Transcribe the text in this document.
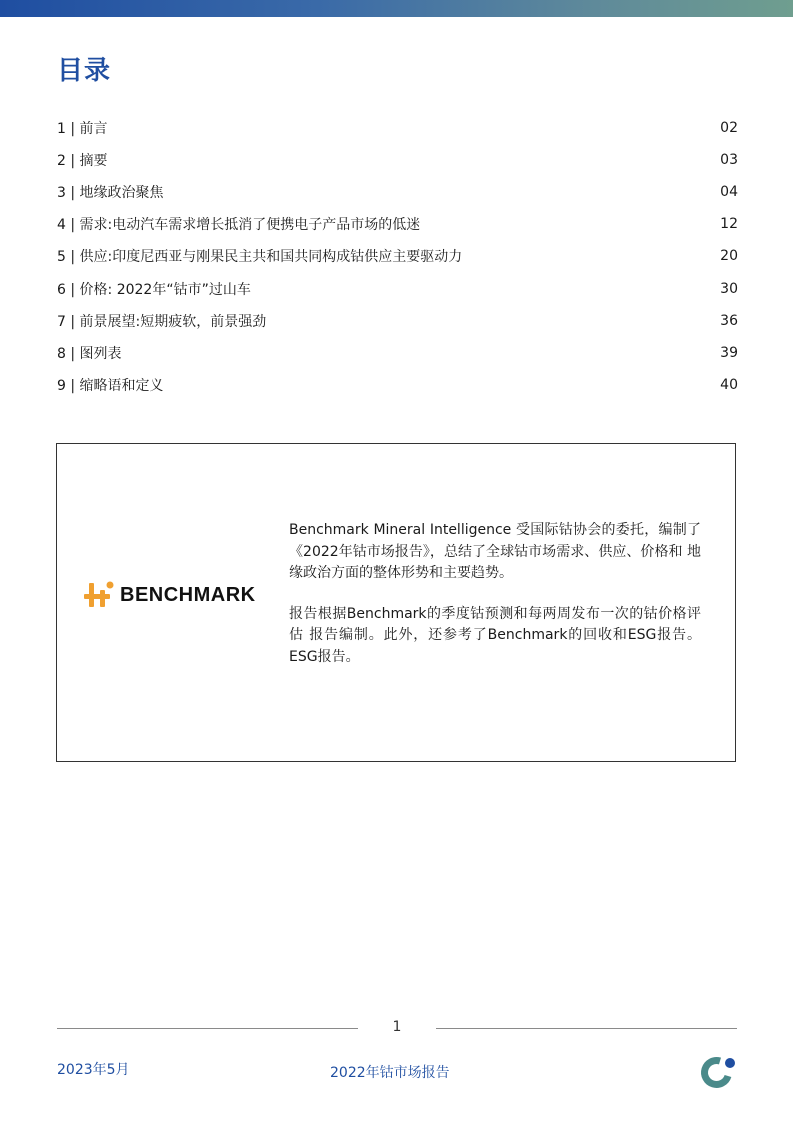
目录
1 | 前言	02
2 | 摘要	03
3 | 地缘政治聚焦	04
4 | 需求:电动汽车需求增长抵消了便携电子产品市场的低迷	12
5 | 供应:印度尼西亚与刚果民主共和国共同构成钴供应主要驱动力	20
6 | 价格: 2022年“钴市”过山车	30
7 | 前景展望:短期疲软，前景强劲	36
8 | 图列表	39
9 | 缩略语和定义	40
BENCHMARK

Benchmark Mineral Intelligence 受国际钴协会的委托，编制了《2022年钴市场报告》，总结了全球钴市场需求、供应、价格和 地缘政治方面的整体形势和主要趋势。

报告根据Benchmark的季度钴预测和每两周发布一次的钴价格评估 报告编制。此外，还参考了Benchmark的回收和ESG报告。ESG报告。

1
2023年5月	2022年钴市场报告
